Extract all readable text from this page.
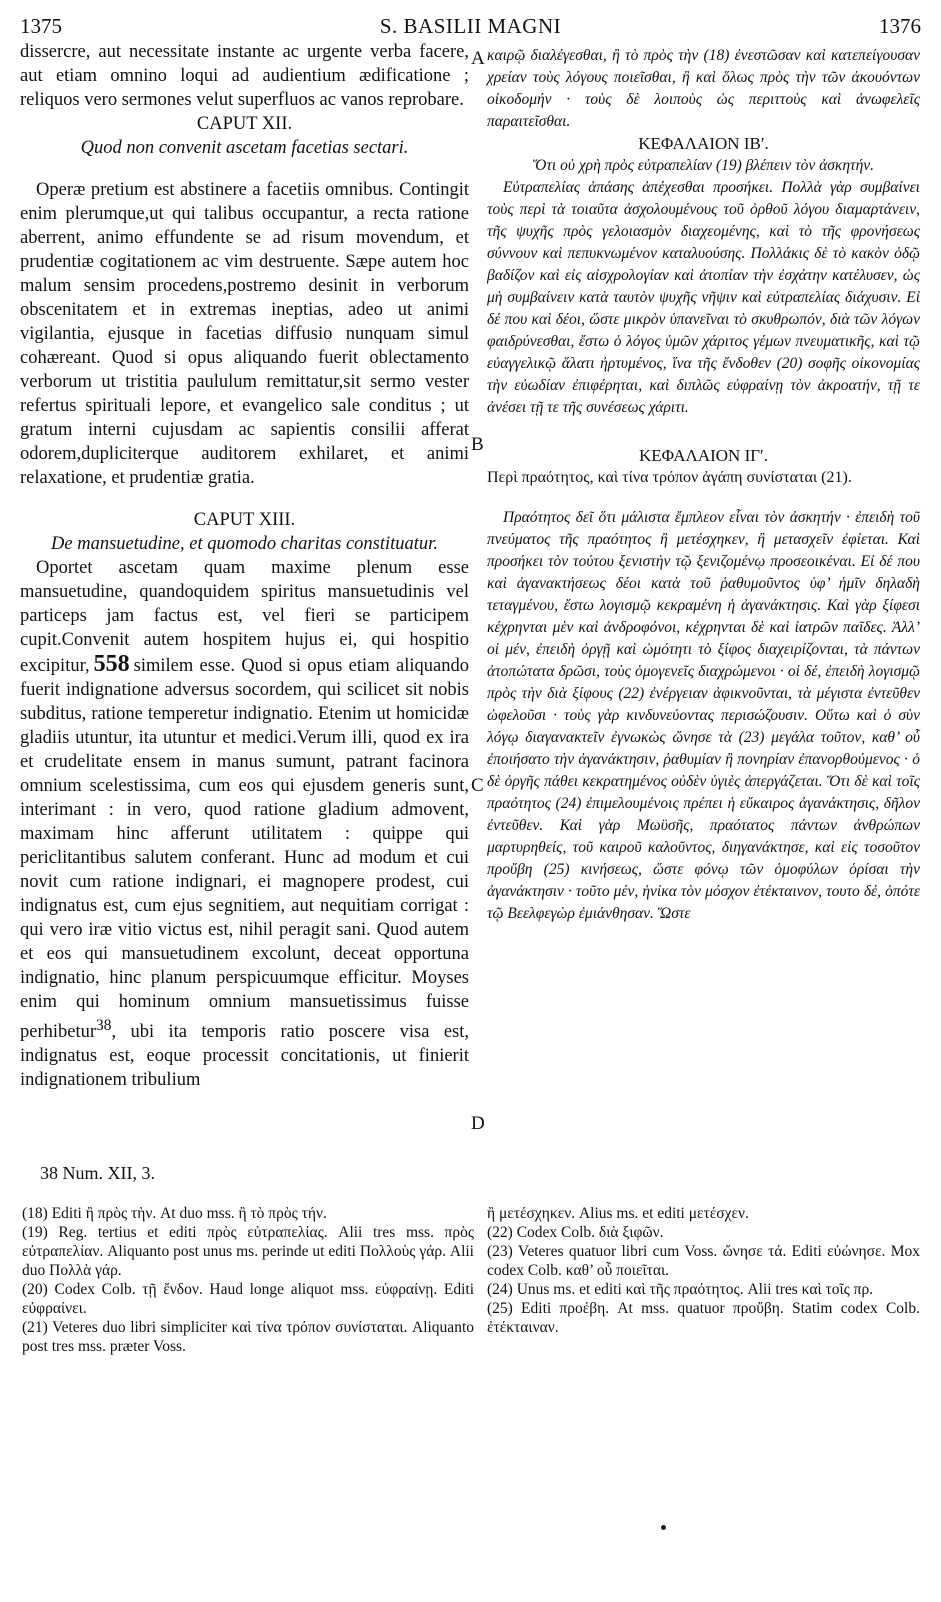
1375	S. BASILII MAGNI	1376

dissercre, aut necessitate instante ac urgente verba facere, aut etiam omnino loqui ad audientium ædificatione ; reliquos vero sermones velut superfluos ac vanos reprobare.

CAPUT XII.

Quod non convenit ascetam facetias sectari.

Operæ pretium est abstinere a facetiis omnibus. Contingit enim plerumque,ut qui talibus occupantur, a recta ratione aberrent, animo effundente se ad risum movendum, et prudentiæ cogitationem ac vim destruente. Sæpe autem hoc malum sensim procedens,postremo desinit in verborum obscenitatem et in extremas ineptias, adeo ut animi vigilantia, ejusque in facetias diffusio nunquam simul cohæreant. Quod si opus aliquando fuerit oblectamento verborum ut tristitia paululum remittatur,sit sermo vester refertus spirituali lepore, et evangelico sale conditus ; ut gratum interni cujusdam ac sapientis consilii afferat odorem,dupliciterque auditorem exhilaret, et animi relaxatione, et prudentiæ gratia.

CAPUT XIII.

De mansuetudine, et quomodo charitas constituatur.

Oportet ascetam quam maxime plenum esse mansuetudine, quandoquidem spiritus mansuetudinis vel particeps jam factus est, vel fieri se participem cupit.Convenit autem hospitem hujus ei, qui hospitio excipitur, 558 similem esse. Quod si opus etiam aliquando fuerit indignatione adversus socordem, qui scilicet sit nobis subditus, ratione temperetur indignatio. Etenim ut homicidæ gladiis utuntur, ita utuntur et medici.Verum illi, quod ex ira et crudelitate ensem in manus sumunt, patrant facinora omnium scelestissima, cum eos qui ejusdem generis sunt, interimant : in vero, quod ratione gladium admovent, maximam hinc afferunt utilitatem : quippe qui periclitantibus salutem conferant. Hunc ad modum et cui novit cum ratione indignari, ei magnopere prodest, cui indignatus est, cum ejus segnitiem, aut nequitiam corrigat : qui vero iræ vitio victus est, nihil peragit sani. Quod autem et eos qui mansuetudinem excolunt, deceat opportuna indignatio, hinc planum perspicuumque efficitur. Moyses enim qui hominum omnium mansuetissimus fuisse perhibetur$^{38}$, ubi ita temporis ratio poscere visa est, indignatus est, eoque processit concitationis, ut finierit indignationem tribulium

καιρῷ διαλέγεσθαι, ἢ τὸ πρὸς τὴν (18) ἐνεστῶσαν καὶ κατεπείγουσαν χρείαν τοὺς λόγους ποιεῖσθαι, ἢ καὶ ὅλως πρὸς τὴν τῶν ἀκουόντων οἰκοδομήν · τοὺς δὲ λοιποὺς ὡς περιττοὺς καὶ ἀνωφελεῖς παραιτεῖσθαι.

ΚΕΦΑΛΑΙΟΝ ΙΒʹ.

Ὅτι οὐ χρὴ πρὸς εὐτραπελίαν (19) βλέπειν τὸν ἀσκητήν.

Εὐτραπελίας ἁπάσης ἀπέχεσθαι προσήκει. Πολλὰ γὰρ συμβαίνει τοὺς περὶ τὰ τοιαῦτα ἀσχολουμένους τοῦ ὀρθοῦ λόγου διαμαρτάνειν, τῆς ψυχῆς πρὸς γελοιασμὸν διαχεομένης, καὶ τὸ τῆς φρονήσεως σύννουν καὶ πεπυκνωμένον καταλυούσης. Πολλάκις δὲ τὸ κακὸν ὁδῷ βαδίζον καὶ εἰς αἰσχρολογίαν καὶ ἀτοπίαν τὴν ἐσχάτην κατέλυσεν, ὡς μὴ συμβαίνειν κατὰ ταυτὸν ψυχῆς νῆψιν καὶ εὐτραπελίας διάχυσιν. Εἰ δέ που καὶ δέοι, ὥστε μικρὸν ὑπανεῖναι τὸ σκυθρωπόν, διὰ τῶν λόγων φαιδρύνεσθαι, ἔστω ὁ λόγος ὑμῶν χάριτος γέμων πνευματικῆς, καὶ τῷ εὐαγγελικῷ ἅλατι ἠρτυμένος, ἵνα τῆς ἔνδοθεν (20) σοφῆς οἰκονομίας τὴν εὐωδίαν ἐπιφέρηται, καὶ διπλῶς εὐφραίνῃ τὸν ἀκροατήν, τῇ τε ἀνέσει τῇ τε τῆς συνέσεως χάριτι.

ΚΕΦΑΛΑΙΟΝ ΙΓʹ.

Περὶ πραότητος, καὶ τίνα τρόπον ἀγάπη συνίσταται (21).

Πραότητος δεῖ ὅτι μάλιστα ἔμπλεον εἶναι τὸν ἀσκητήν · ἐπειδὴ τοῦ πνεύματος τῆς πραότητος ἢ μετέσχηκεν, ἢ μετασχεῖν ἐφίεται. Καὶ προσήκει τὸν τούτου ξενιστὴν τῷ ξενιζομένῳ προσεοικέναι. Εἰ δέ που καὶ ἀγανακτήσεως δέοι κατὰ τοῦ ῥαθυμοῦντος ὑφ’ ἡμῖν δηλαδὴ τεταγμένου, ἔστω λογισμῷ κεκραμένη ἡ ἀγανάκτησις. Καὶ γὰρ ξίφεσι κέχρηνται μὲν καὶ ἀνδροφόνοι, κέχρηνται δὲ καὶ ἰατρῶν παῖδες. Ἀλλ’ οἱ μέν, ἐπειδὴ ὀργῇ καὶ ὠμότητι τὸ ξίφος διαχειρίζονται, τὰ πάντων ἀτοπώτατα δρῶσι, τοὺς ὁμογενεῖς διαχρώμενοι · οἱ δέ, ἐπειδὴ λογισμῷ πρὸς τὴν διὰ ξίφους (22) ἐνέργειαν ἀφικνοῦνται, τὰ μέγιστα ἐντεῦθεν ὠφελοῦσι · τοὺς γὰρ κινδυνεύοντας περισώζουσιν. Οὕτω καὶ ὁ σὺν λόγῳ διαγανακτεῖν ἐγνωκὼς ὤνησε τὰ (23) μεγάλα τοῦτον, καθ’ οὗ ἐποιήσατο τὴν ἀγανάκτησιν, ῥαθυμίαν ἢ πονηρίαν ἐπανορθούμενος · ὁ δὲ ὀργῆς πάθει κεκρατημένος οὐδὲν ὑγιὲς ἀπεργάζεται. Ὅτι δὲ καὶ τοῖς πραότητος (24) ἐπιμελουμένοις πρέπει ἡ εὔκαιρος ἀγανάκτησις, δῆλον ἐντεῦθεν. Καὶ γὰρ Μωϋσῆς, πραότατος πάντων ἀνθρώπων μαρτυρηθείς, τοῦ καιροῦ καλοῦντος, διηγανάκτησε, καὶ εἰς τοσοῦτον προὔβη (25) κινήσεως, ὥστε φόνῳ τῶν ὁμοφύλων ὁρίσαι τὴν ἀγανάκτησιν · τοῦτο μέν, ἡνίκα τὸν μόσχον ἐτέκταινον, τουτο δέ, ὁπότε τῷ Βεελφεγὼρ ἐμιάνθησαν. Ὥστε

A
B
C
D
38 Num. XII, 3.

(18) Editi ἢ πρὸς τὴν. At duo mss. ἢ τὸ πρὸς τήν.

(19) Reg. tertius et editi πρὸς εὐτραπελίας. Alii tres mss. πρὸς εὐτραπελίαν. Aliquanto post unus ms. perinde ut editi Πολλοὺς γάρ. Alii duo Πολλὰ γάρ.

(20) Codex Colb. τῇ ἔνδον. Haud longe aliquot mss. εὐφραίνῃ. Editi εὐφραίνει.

(21) Veteres duo libri simpliciter καὶ τίνα τρόπον συνίσταται. Aliquanto post tres mss. præter Voss.

ἢ μετέσχηκεν. Alius ms. et editi μετέσχεν.

(22) Codex Colb. διὰ ξιφῶν.

(23) Veteres quatuor libri cum Voss. ὤνησε τά. Editi εὐώνησε. Mox codex Colb. καθ’ οὗ ποιεῖται.

(24) Unus ms. et editi καὶ τῆς πραότητος. Alii tres καὶ τοῖς πρ.

(25) Editi προέβη. At mss. quatuor προὔβη. Statim codex Colb. ἐτέκταιναν.
